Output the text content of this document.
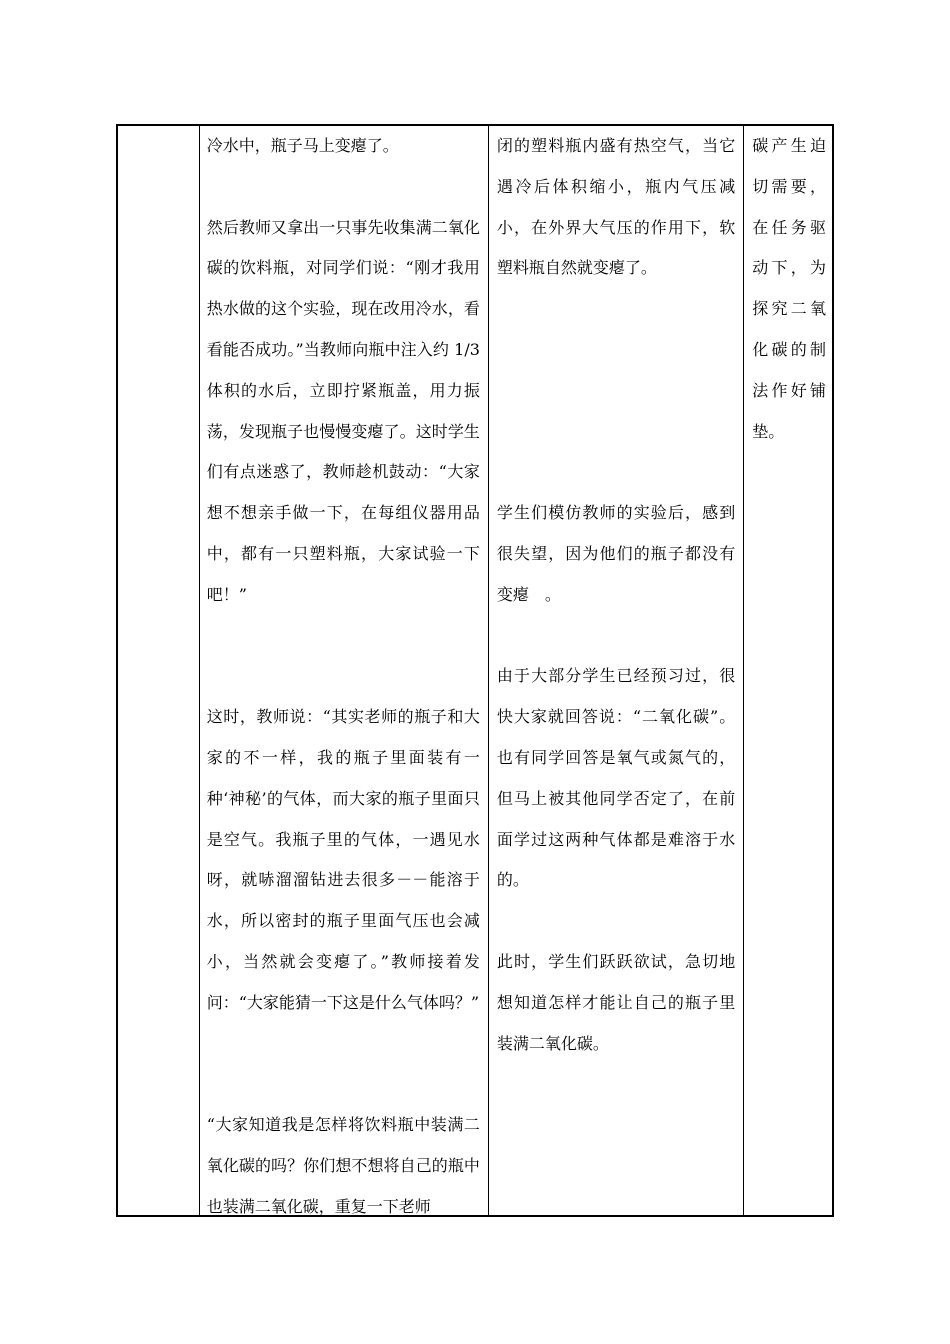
冷水中，瓶子马上变瘪了。

然后教师又拿出一只事先收集满二氧化碳的饮料瓶，对同学们说：“刚才我用热水做的这个实验，现在改用冷水，看看能否成功。”当教师向瓶中注入约 1/3 体积的水后，立即拧紧瓶盖，用力振荡，发现瓶子也慢慢变瘪了。这时学生们有点迷惑了，教师趁机鼓动：“大家想不想亲手做一下，在每组仪器用品中，都有一只塑料瓶，大家试验一下吧！”

这时，教师说：“其实老师的瓶子和大家的不一样，我的瓶子里面装有一种‘神秘’的气体，而大家的瓶子里面只是空气。我瓶子里的气体，一遇见水呀，就哧溜溜钻进去很多－－能溶于水，所以密封的瓶子里面气压也会减小，当然就会变瘪了。”教师接着发问：“大家能猜一下这是什么气体吗？”

“大家知道我是怎样将饮料瓶中装满二氧化碳的吗？你们想不想将自己的瓶中也装满二氧化碳，重复一下老师

闭的塑料瓶内盛有热空气，当它遇冷后体积缩小，瓶内气压减小，在外界大气压的作用下，软塑料瓶自然就变瘪了。

学生们模仿教师的实验后，感到很失望，因为他们的瓶子都没有变瘪　。

由于大部分学生已经预习过，很快大家就回答说：“二氧化碳”。也有同学回答是氧气或氮气的，但马上被其他同学否定了，在前面学过这两种气体都是难溶于水的。

此时，学生们跃跃欲试，急切地想知道怎样才能让自己的瓶子里装满二氧化碳。

碳产生迫切需要，在任务驱动下，为探究二氧化碳的制法作好铺垫。
